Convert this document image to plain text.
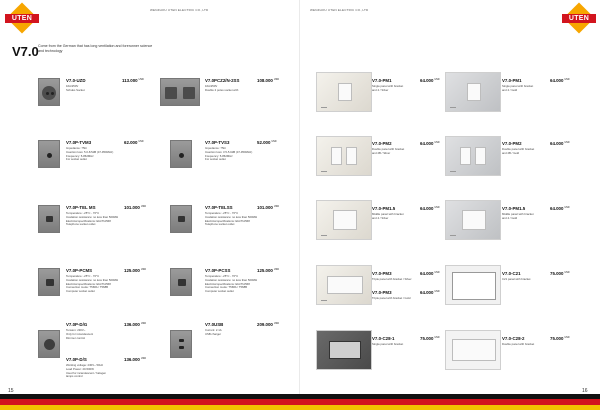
WENZHOU UTEN ELECTRIC CO.,LTD
UTEN
V7.0 Come from the German that has long ventilation and forerunner science and technology
V7.0-UZD	$113.000^{USD}$
16A/250V
Schuko Socket
V7.0PCZ2/N-2SS	$108.000^{USD}$
16A/250V
Double 2 poles socket with
V7.0P-TVM3	$62.000^{USD}$
Impedance: 75Ω
Insertion loss: 5.0-8.5dB (47-950MHz)
Frequency: 5-862MHz
For socket outlet
V7.0P-TVS3	$52.000^{USD}$
Impedance: 75Ω
Insertion loss: 3.5-5.0dB (47-950MHz)
Frequency: 5-862MHz
For socket outlet
V7.0P-TEL MS	$101.000^{USD}$
Temperature: -25°C - 70°C
Insulation resistance: no less than 500MΩ
Electrical specifications: EIA/TIA568
Telephone socket outlet
V7.0P-TELSS	$101.000^{USD}$
Temperature: -25°C - 70°C
Insulation resistance: no less than 500MΩ
Electrical specifications: EIA/TIA568
Telephone socket outlet
V7.0P-PCMS	$125.000^{USD}$
Temperature: -25°C - 70°C
Insulation resistance: no less than 500MΩ
Electrical specifications: EIA/TIA568
Connection mode: T568A / T568B
Computer socket outlet
V7.0P-PCSS	$125.000^{USD}$
Temperature: -25°C - 70°C
Insulation resistance: no less than 500MΩ
Electrical specifications: EIA/TIA568
Connection mode: T568A / T568B
Computer socket outlet
V7.0P-D/G	$136.000^{USD}$
Tension: 230V~
Only for incandescent
Dimmer control
V7.0P-D/S	$136.000^{USD}$
Working voltage: 230V~ 50Hz
Load Power: 20-500W
Used for incandescent / halogen
lamps control
V7.0USB	$209.000^{USD}$
Current: 2.1A
USB charger
15
WENZHOU UTEN ELECTRIC CO.,LTD
UTEN
V7.0-PM1	$64.000^{USD}$
Single panel with bracket
and 4 / Silver
V7.0-PM1	$64.000^{USD}$
Single panel with bracket
and 4 / Gold
V7.0-PM2	$64.000^{USD}$
Double panel with bracket
and 2B / Silver
V7.0-PM2	$64.000^{USD}$
Double panel with bracket
and 2B / Gold
V7.0-PM1.5	$64.000^{USD}$
Middle panel with bracket
and 4 / Silver
V7.0-PM1.5	$64.000^{USD}$
Middle panel with bracket
and 4 / Gold
V7.0-PM3	$64.000^{USD}$
Triple panel with bracket / Silver
V7.0-PM3	$64.000^{USD}$
Triple panel with bracket / Gold
V7.0-C21	$75.000^{USD}$
C21 panel with bracket
V7.0-C28-1	$75.000^{USD}$
Single panel with bracket
V7.0-C28-2	$75.000^{USD}$
Double panel with bracket
16
